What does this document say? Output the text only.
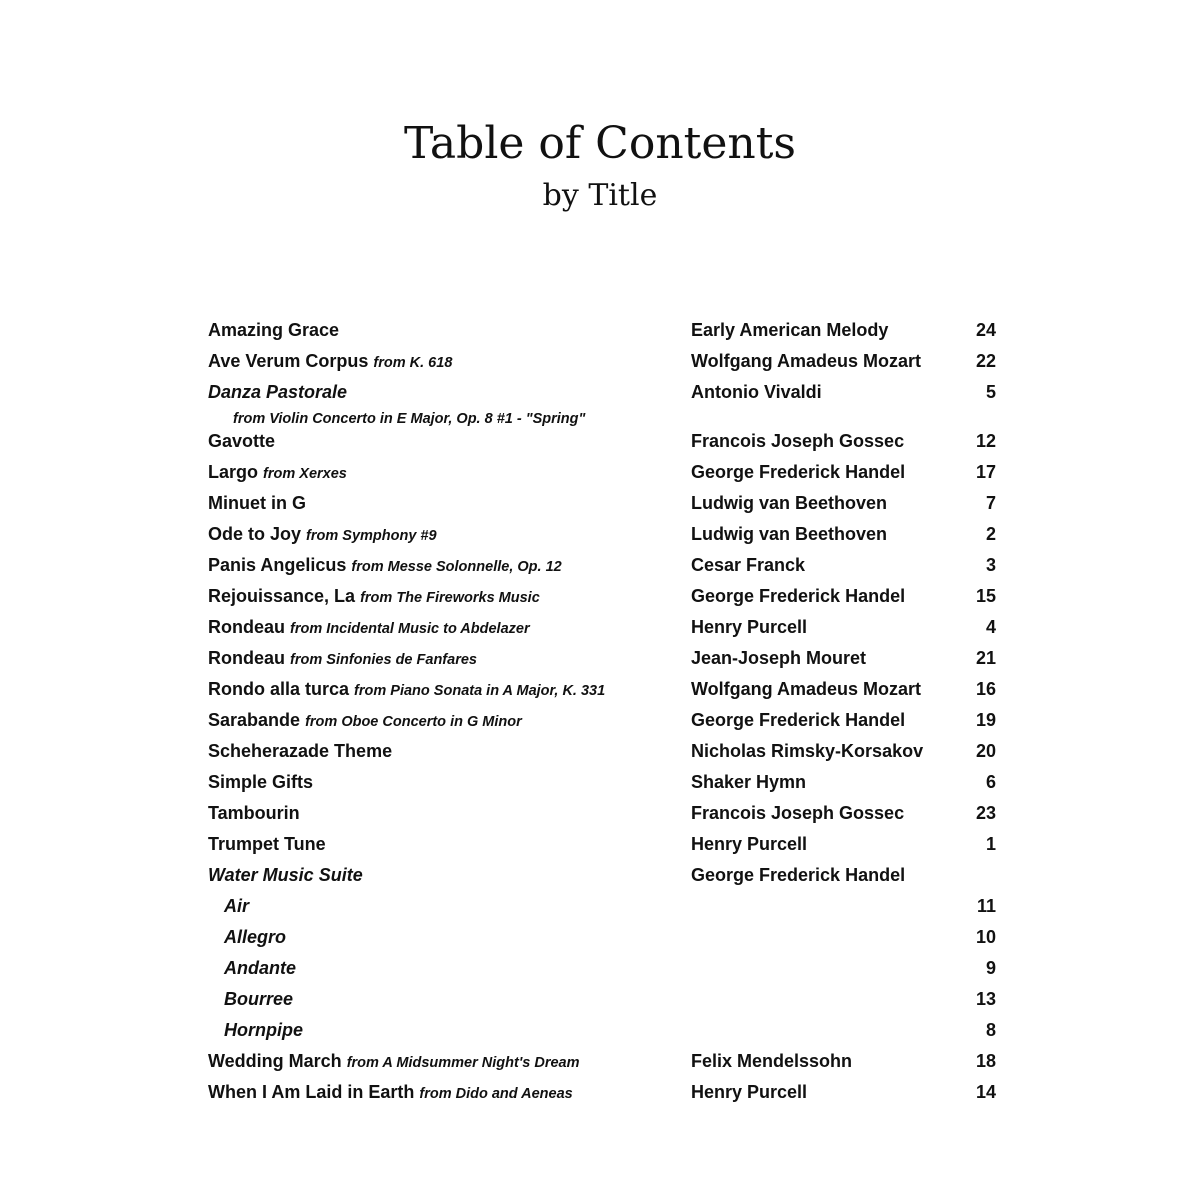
Table of Contents
by Title
Amazing Grace	Early American Melody	24
Ave Verum Corpus from K. 618	Wolfgang Amadeus Mozart	22
Danza Pastorale	Antonio Vivaldi	5
from Violin Concerto in E Major, Op. 8 #1 - "Spring"
Gavotte	Francois Joseph Gossec	12
Largo from Xerxes	George Frederick Handel	17
Minuet in G	Ludwig van Beethoven	7
Ode to Joy from Symphony #9	Ludwig van Beethoven	2
Panis Angelicus from Messe Solonnelle, Op. 12	Cesar Franck	3
Rejouissance, La from The Fireworks Music	George Frederick Handel	15
Rondeau from Incidental Music to Abdelazer	Henry Purcell	4
Rondeau from Sinfonies de Fanfares	Jean-Joseph Mouret	21
Rondo alla turca from Piano Sonata in A Major, K. 331	Wolfgang Amadeus Mozart	16
Sarabande from Oboe Concerto in G Minor	George Frederick Handel	19
Scheherazade Theme	Nicholas Rimsky-Korsakov	20
Simple Gifts	Shaker Hymn	6
Tambourin	Francois Joseph Gossec	23
Trumpet Tune	Henry Purcell	1
Water Music Suite	George Frederick Handel
Air	11
Allegro	10
Andante	9
Bourree	13
Hornpipe	8
Wedding March from A Midsummer Night's Dream	Felix Mendelssohn	18
When I Am Laid in Earth from Dido and Aeneas	Henry Purcell	14
